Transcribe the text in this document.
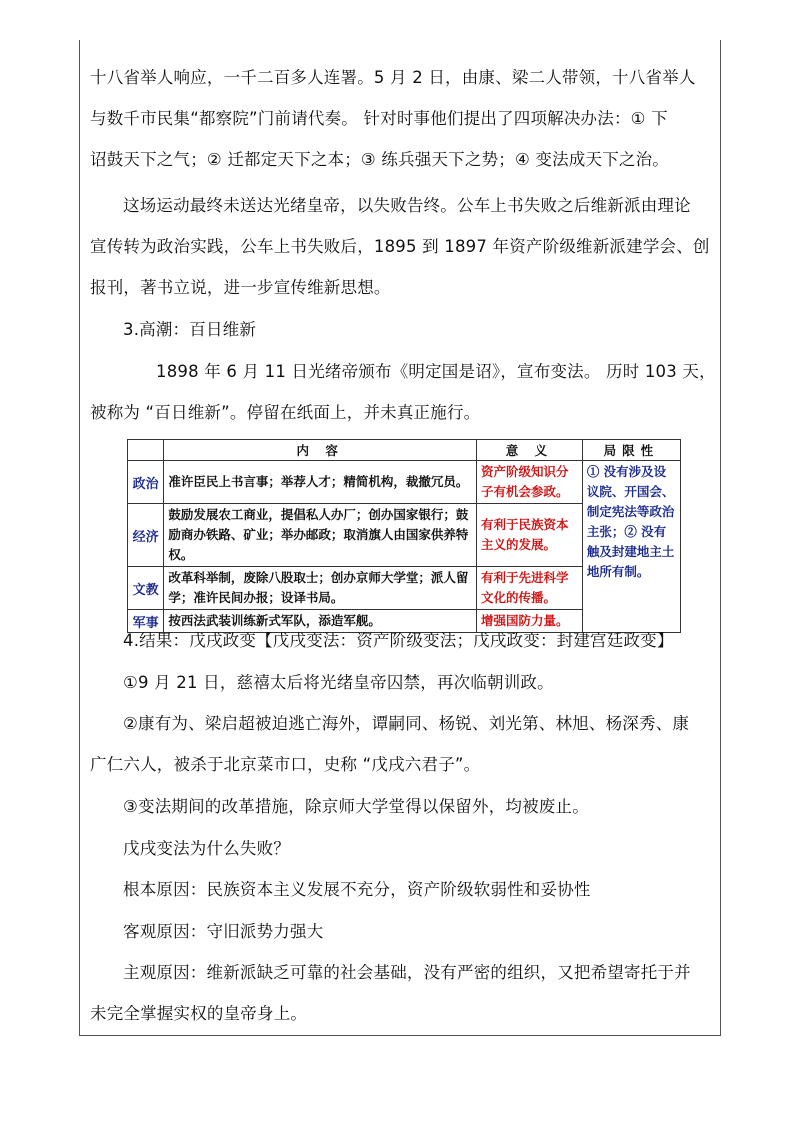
十八省举人响应，一千二百多人连署。5 月 2 日，由康、梁二人带领，十八省举人
与数千市民集“都察院”门前请代奏。 针对时事他们提出了四项解决办法：① 下
诏鼓天下之气；② 迁都定天下之本；③ 练兵强天下之势；④ 变法成天下之治。
这场运动最终未送达光绪皇帝，以失败告终。公车上书失败之后维新派由理论
宣传转为政治实践，公车上书失败后，1895 到 1897 年资产阶级维新派建学会、创
报刊，著书立说，进一步宣传维新思想。
3.高潮：百日维新
1898 年 6 月 11 日光绪帝颁布《明定国是诏》，宣布变法。 历时 103 天，
被称为 “百日维新”。停留在纸面上，并未真正施行。
	内 容	意 义	局限性
政治	准许臣民上书言事；举荐人才；精简机构，裁撤冗员。	资产阶级知识分子有机会参政。	① 没有涉及设议院、开国会、制定宪法等政治主张；② 没有触及封建地主土地所有制。
经济	鼓励发展农工商业，提倡私人办厂；创办国家银行；鼓励商办铁路、矿业；举办邮政；取消旗人由国家供养特权。	有利于民族资本主义的发展。	
文教	改革科举制，废除八股取士；创办京师大学堂；派人留学；准许民间办报；设译书局。	有利于先进科学文化的传播。	
军事	按西法武装训练新式军队，添造军舰。	增强国防力量。	
4.结果：戊戌政变【戊戌变法：资产阶级变法；戊戌政变：封建宫廷政变】
①9 月 21 日，慈禧太后将光绪皇帝囚禁，再次临朝训政。
②康有为、梁启超被迫逃亡海外，谭嗣同、杨锐、刘光第、林旭、杨深秀、康
广仁六人，被杀于北京菜市口，史称 “戊戌六君子”。
③变法期间的改革措施，除京师大学堂得以保留外，均被废止。
戊戌变法为什么失败？
根本原因：民族资本主义发展不充分，资产阶级软弱性和妥协性
客观原因：守旧派势力强大
主观原因：维新派缺乏可靠的社会基础，没有严密的组织，又把希望寄托于并
未完全掌握实权的皇帝身上。
